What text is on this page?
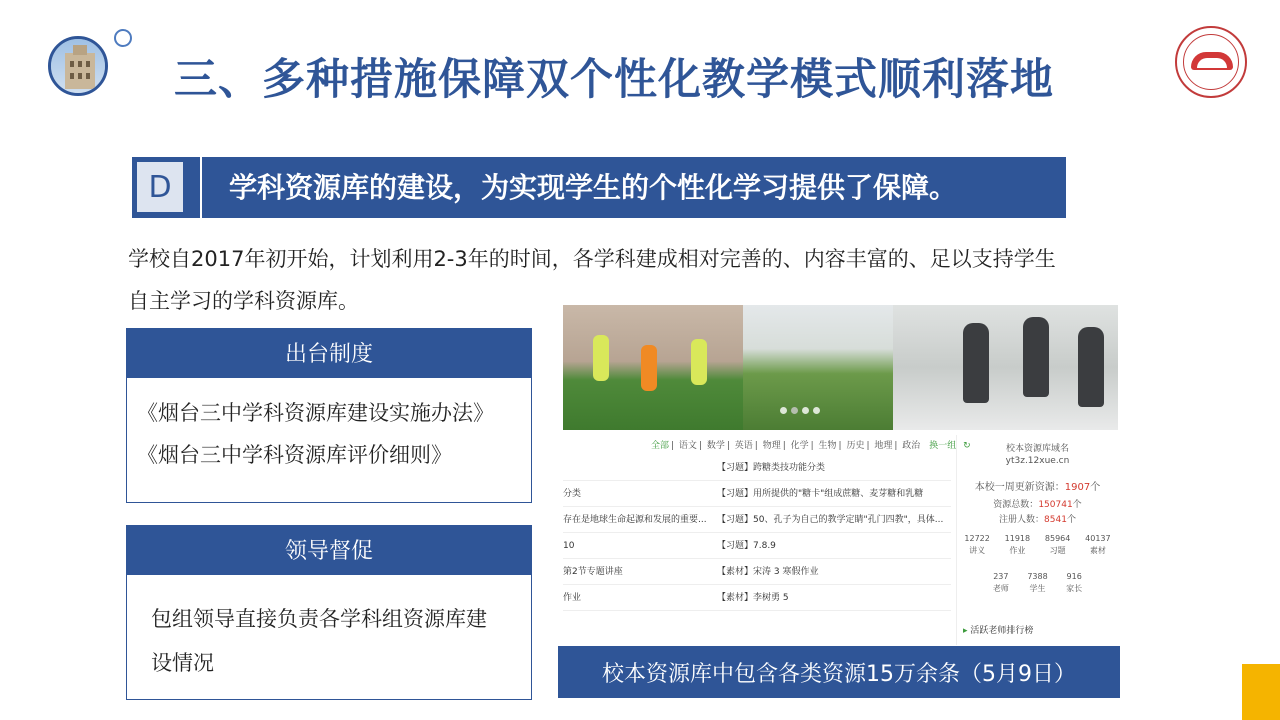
三、多种措施保障双个性化教学模式顺利落地
D	学科资源库的建设，为实现学生的个性化学习提供了保障。
学校自2017年初开始，计划利用2-3年的时间，各学科建成相对完善的、内容丰富的、足以支持学生自主学习的学科资源库。
出台制度
《烟台三中学科资源库建设实施办法》
《烟台三中学科资源库评价细则》
领导督促
包组领导直接负责各学科组资源库建设情况
全部 | 语文 | 数学 | 英语 | 物理 | 化学 | 生物 | 历史 | 地理 | 政治 换一组 ↻
分类
存在是地球生命起源和发展的重要...
10
第2节专题讲座
作业
【习题】跨糖类技功能分类
【习题】用所提供的"糖卡"组成蔗糖、麦芽糖和乳糖
【习题】50、孔子为自己的教学定睛"孔门四教"，具体...
【习题】7.8.9
【素材】宋涛 3 寒假作业
【素材】李树勇 5
校本资源库域名
yt3z.12xue.cn
本校一周更新资源：1907个
资源总数：150741个
注册人数：8541个
12722
讲义
11918
作业
85964
习题
40137
素材
237
老师
7388
学生
916
家长
▸ 活跃老师排行榜
校本资源库中包含各类资源15万余条（5月9日）
